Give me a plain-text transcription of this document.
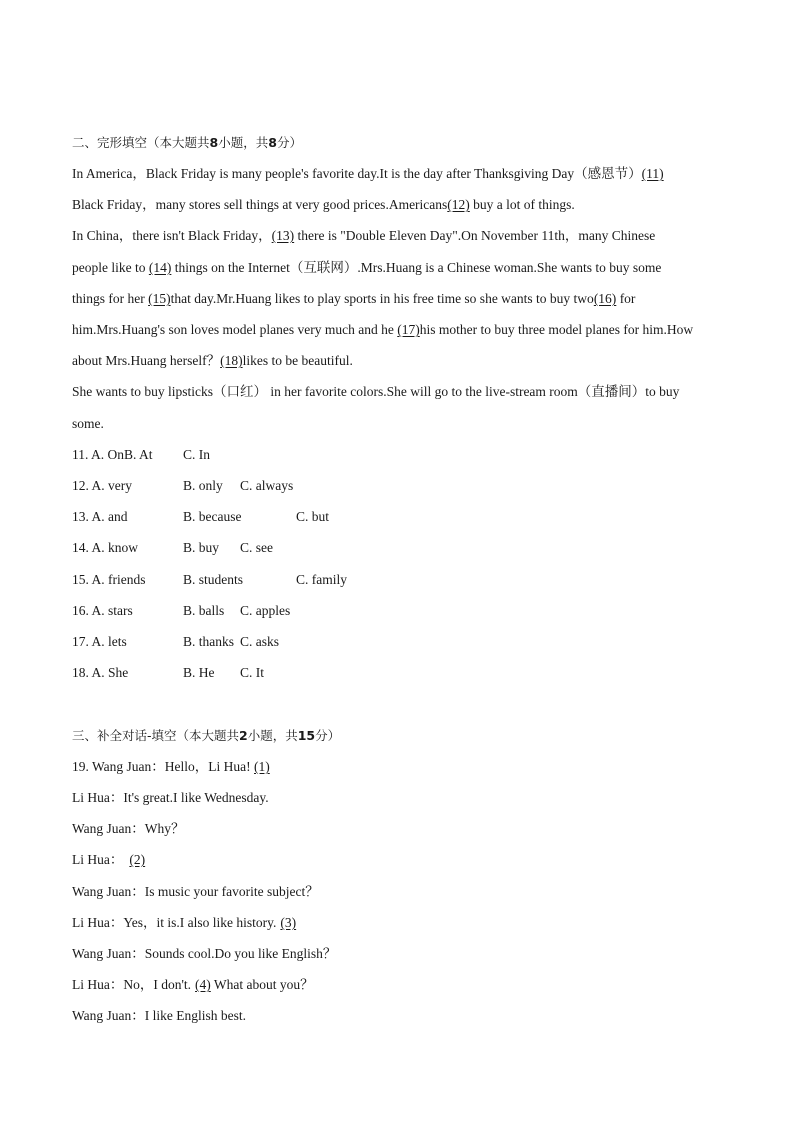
二、完形填空（本大题共8小题，共8分）
In America，Black Friday is many people's favorite day.It is the day after Thanksgiving Day（感恩节）(11)
Black Friday，many stores sell things at very good prices.Americans(12) buy a lot of things.
In China，there isn't Black Friday，(13) there is "Double Eleven Day".On November 11th，many Chinese
people like to (14) things on the Internet（互联网）.Mrs.Huang is a Chinese woman.She wants to buy some
things for her (15)that day.Mr.Huang likes to play sports in his free time so she wants to buy two(16) for
him.Mrs.Huang's son loves model planes very much and he (17)his mother to buy three model planes for him.How
about Mrs.Huang herself？(18)likes to be beautiful.
She wants to buy lipsticks（口红） in her favorite colors.She will go to the live-stream room（直播间）to buy
some.
11. A. OnB. At C. In
12. A. very	B. only C. always
13. A. and	B. because	C. but
14. A. know	B. buy C. see
15. A. friends	B. students	C. family
16. A. stars	B. balls C. apples
17. A. lets	B. thanks C. asks
18. A. She	B. He C. It
三、补全对话-填空（本大题共2小题，共15分）
19. Wang Juan：Hello，Li Hua! (1)
Li Hua：It's great.I like Wednesday.
Wang Juan：Why？
Li Hua： (2)
Wang Juan：Is music your favorite subject？
Li Hua：Yes，it is.I also like history. (3)
Wang Juan：Sounds cool.Do you like English？
Li Hua：No，I don't. (4) What about you？
Wang Juan：I like English best.
